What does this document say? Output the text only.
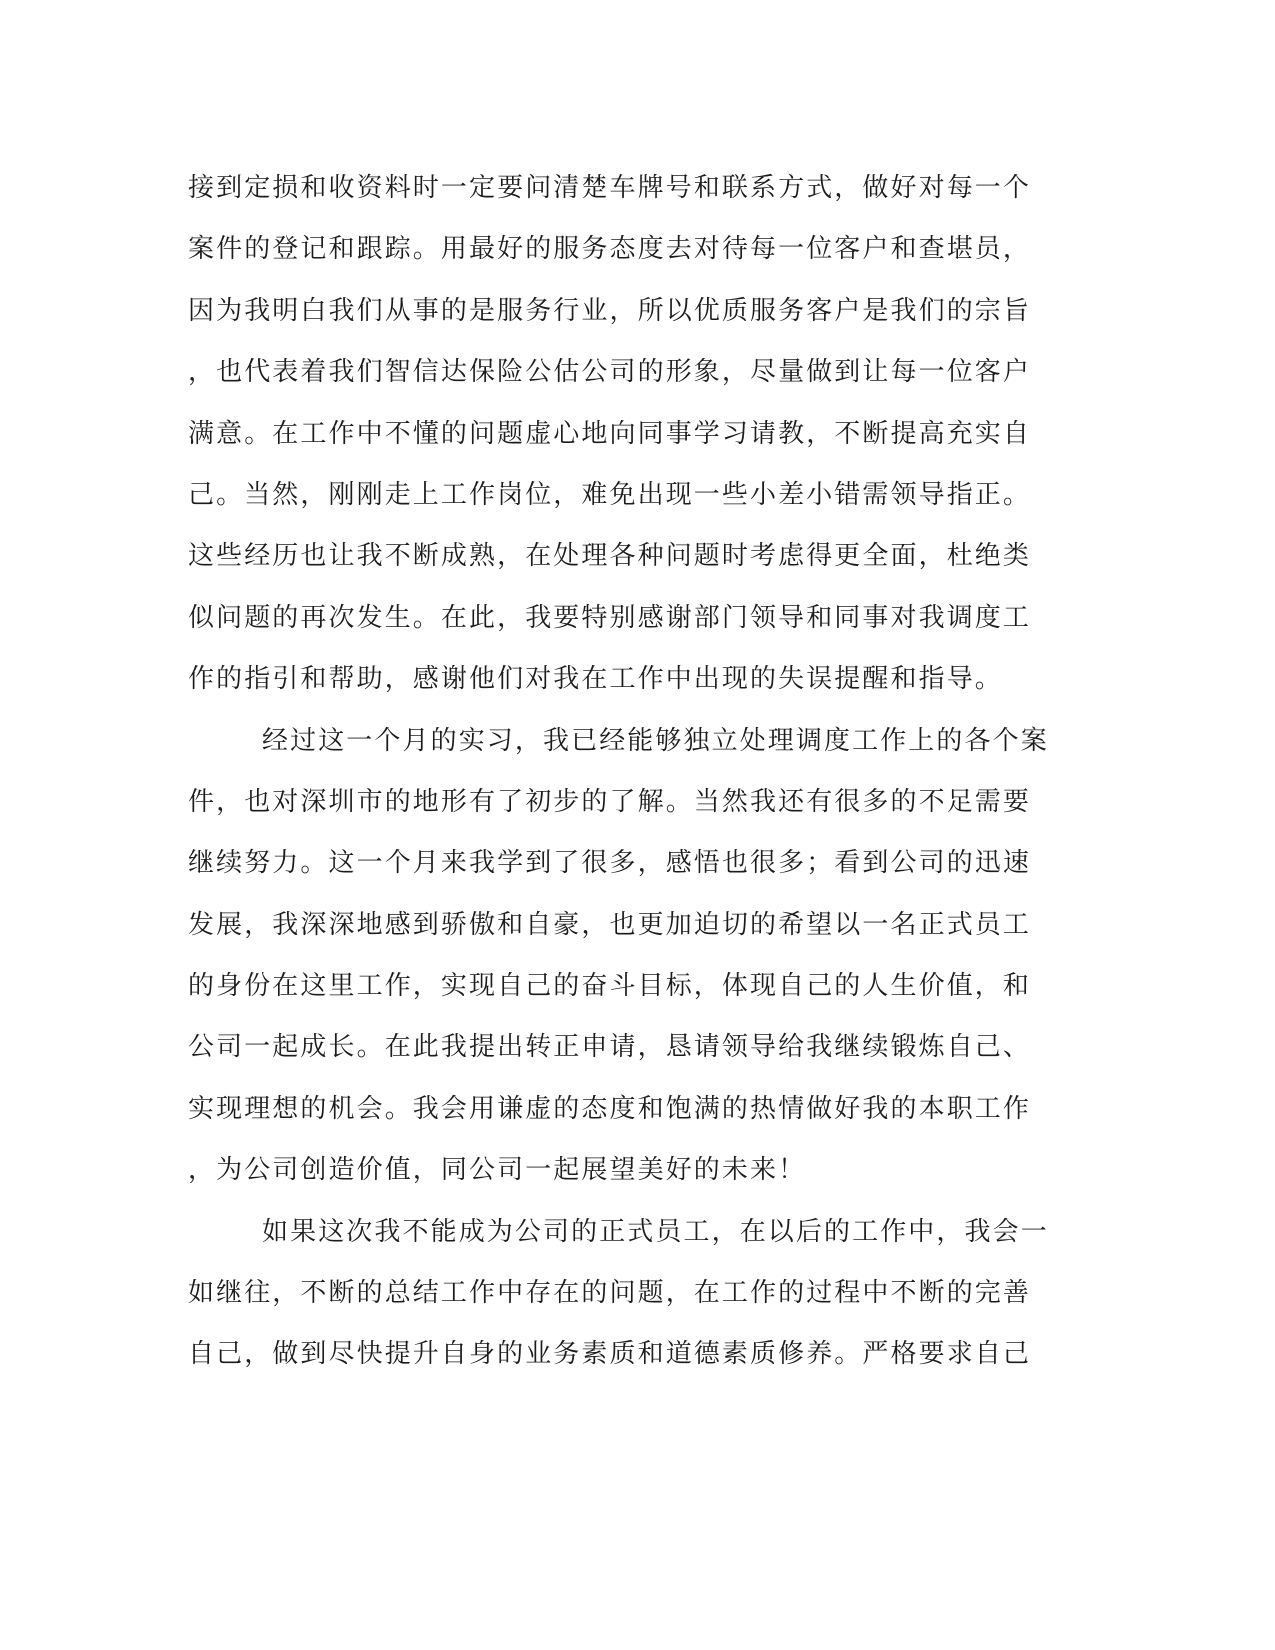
接到定损和收资料时一定要问清楚车牌号和联系方式，做好对每一个
案件的登记和跟踪。用最好的服务态度去对待每一位客户和查堪员，
因为我明白我们从事的是服务行业，所以优质服务客户是我们的宗旨
，也代表着我们智信达保险公估公司的形象，尽量做到让每一位客户
满意。在工作中不懂的问题虚心地向同事学习请教，不断提高充实自
己。当然，刚刚走上工作岗位，难免出现一些小差小错需领导指正。
这些经历也让我不断成熟，在处理各种问题时考虑得更全面，杜绝类
似问题的再次发生。在此，我要特别感谢部门领导和同事对我调度工
作的指引和帮助，感谢他们对我在工作中出现的失误提醒和指导。
经过这一个月的实习，我已经能够独立处理调度工作上的各个案
件，也对深圳市的地形有了初步的了解。当然我还有很多的不足需要
继续努力。这一个月来我学到了很多，感悟也很多；看到公司的迅速
发展，我深深地感到骄傲和自豪，也更加迫切的希望以一名正式员工
的身份在这里工作，实现自己的奋斗目标，体现自己的人生价值，和
公司一起成长。在此我提出转正申请，恳请领导给我继续锻炼自己、
实现理想的机会。我会用谦虚的态度和饱满的热情做好我的本职工作
，为公司创造价值，同公司一起展望美好的未来！
如果这次我不能成为公司的正式员工，在以后的工作中，我会一
如继往，不断的总结工作中存在的问题，在工作的过程中不断的完善
自己，做到尽快提升自身的业务素质和道德素质修养。严格要求自己
